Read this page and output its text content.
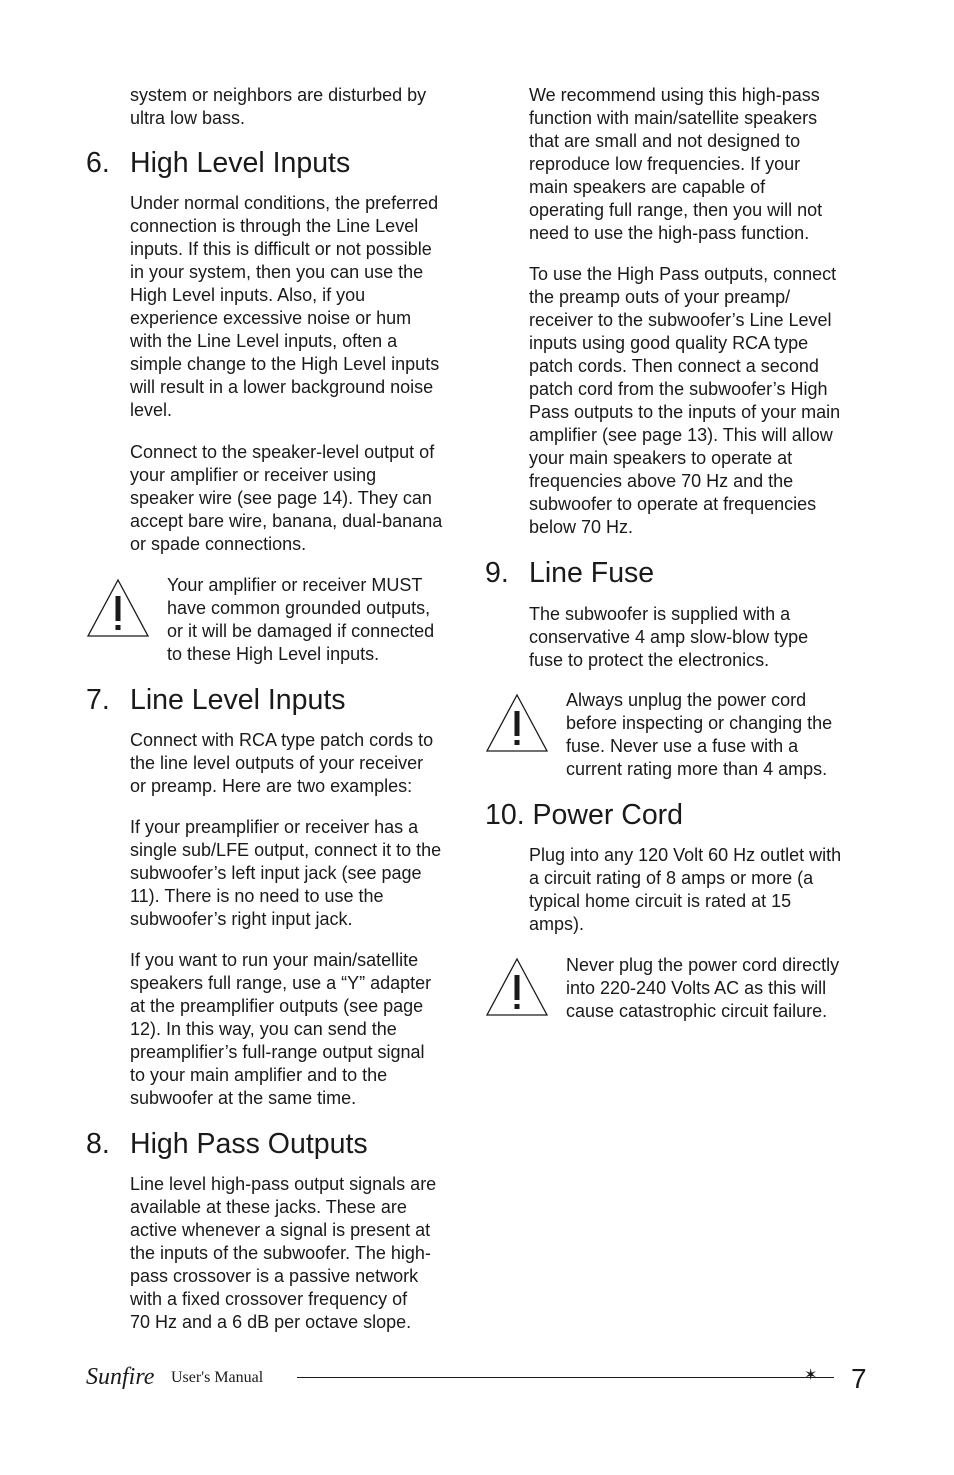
system or neighbors are disturbed by
ultra low bass.

6. High Level Inputs

Under normal conditions, the preferred
connection is through the Line Level
inputs. If this is difficult or not possible
in your system, then you can use the
High Level inputs. Also, if you
experience excessive noise or hum
with the Line Level inputs, often a
simple change to the High Level inputs
will result in a lower background noise
level.

Connect to the speaker-level output of
your amplifier or receiver using
speaker wire (see page 14). They can
accept bare wire, banana, dual-banana
or spade connections.

Your amplifier or receiver MUST
have common grounded outputs,
or it will be damaged if connected
to these High Level inputs.

7. Line Level Inputs

Connect with RCA type patch cords to
the line level outputs of your receiver
or preamp. Here are two examples:

If your preamplifier or receiver has a
single sub/LFE output, connect it to the
subwoofer’s left input jack (see page
11). There is no need to use the
subwoofer’s right input jack.

If you want to run your main/satellite
speakers full range, use a “Y” adapter
at the preamplifier outputs (see page
12). In this way, you can send the
preamplifier’s full-range output signal
to your main amplifier and to the
subwoofer at the same time.

8. High Pass Outputs

Line level high-pass output signals are
available at these jacks. These are
active whenever a signal is present at
the inputs of the subwoofer. The high-
pass crossover is a passive network
with a fixed crossover frequency of
70 Hz and a 6 dB per octave slope.

We recommend using this high-pass
function with main/satellite speakers
that are small and not designed to
reproduce low frequencies. If your
main speakers are capable of
operating full range, then you will not
need to use the high-pass function.

To use the High Pass outputs, connect
the preamp outs of your preamp/
receiver to the subwoofer’s Line Level
inputs using good quality RCA type
patch cords. Then connect a second
patch cord from the subwoofer’s High
Pass outputs to the inputs of your main
amplifier (see page 13). This will allow
your main speakers to operate at
frequencies above 70 Hz and the
subwoofer to operate at frequencies
below 70 Hz.

9. Line Fuse

The subwoofer is supplied with a
conservative 4 amp slow-blow type
fuse to protect the electronics.

Always unplug the power cord
before inspecting or changing the
fuse. Never use a fuse with a
current rating more than 4 amps.

10. Power Cord

Plug into any 120 Volt 60 Hz outlet with
a circuit rating of 8 amps or more (a
typical home circuit is rated at 15
amps).

Never plug the power cord directly
into 220-240 Volts AC as this will
cause catastrophic circuit failure.

Sunfire User's Manual	✶ 7
